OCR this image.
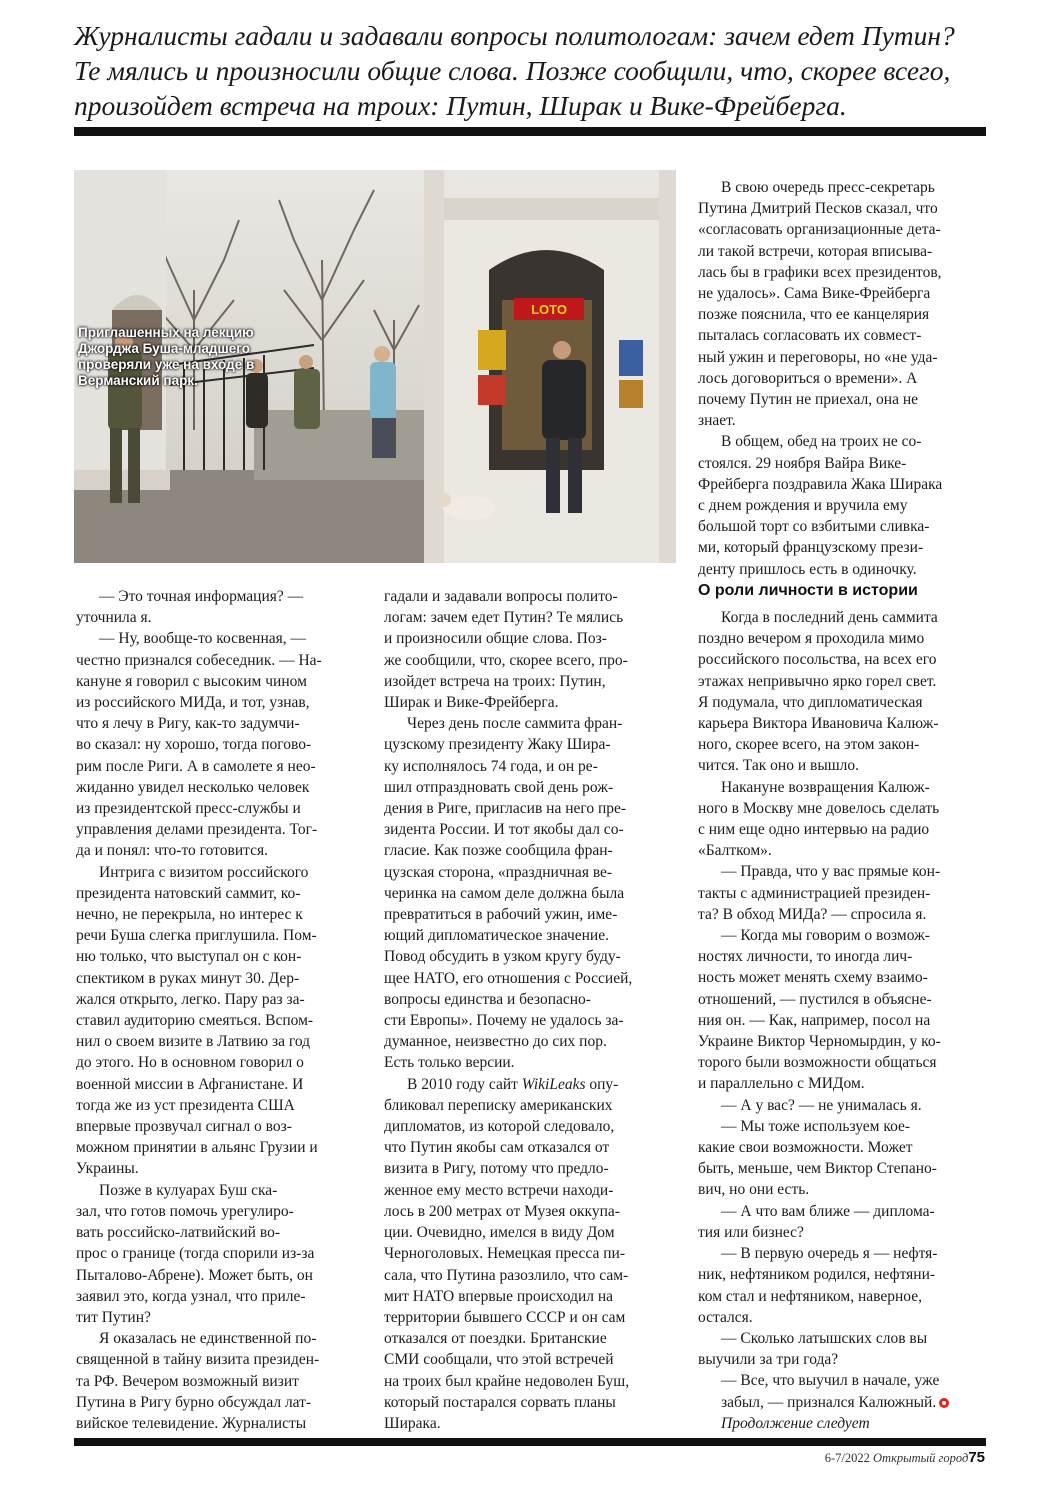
Журналисты гадали и задавали вопросы политологам: зачем едет Путин?

Те мялись и произносили общие слова. Позже сообщили, что, скорее всего,

произойдет встреча на троих: Путин, Ширак и Вике-Фрейберга.

LOTO
Приглашенных на лекцию
Джорджа Буша-младшего
проверяли уже на входе в
Верманский парк.

— Это точная информация? —

уточнила я.

— Ну, вообще-то косвенная, —

честно признался собеседник. — На-

кануне я говорил с высоким чином

из российского МИДа, и тот, узнав,

что я лечу в Ригу, как-то задумчи-

во сказал: ну хорошо, тогда погово-

рим после Риги. А в самолете я нео-

жиданно увидел несколько человек

из президентской пресс-службы и

управления делами президента. Тог-

да и понял: что-то готовится.

Интрига с визитом российского

президента натовский саммит, ко-

нечно, не перекрыла, но интерес к

речи Буша слегка приглушила. Пом-

ню только, что выступал он с кон-

спектиком в руках минут 30. Дер-

жался открыто, легко. Пару раз за-

ставил аудиторию смеяться. Вспом-

нил о своем визите в Латвию за год

до этого. Но в основном говорил о

военной миссии в Афганистане. И

тогда же из уст президента США

впервые прозвучал сигнал о воз-

можном принятии в альянс Грузии и

Украины.

Позже в кулуарах Буш ска-

зал, что готов помочь урегулиро-

вать российско-латвийский во-

прос о границе (тогда спорили из-за

Пыталово-Абрене). Может быть, он

заявил это, когда узнал, что приле-

тит Путин?

Я оказалась не единственной по-

священной в тайну визита президен-

та РФ. Вечером возможный визит

Путина в Ригу бурно обсуждал лат-

вийское телевидение. Журналисты

гадали и задавали вопросы полито-

логам: зачем едет Путин? Те мялись

и произносили общие слова. Поз-

же сообщили, что, скорее всего, про-

изойдет встреча на троих: Путин,

Ширак и Вике-Фрейберга.

Через день после саммита фран-

цузскому президенту Жаку Шира-

ку исполнялось 74 года, и он ре-

шил отпраздновать свой день рож-

дения в Риге, пригласив на него пре-

зидента России. И тот якобы дал со-

гласие. Как позже сообщила фран-

цузская сторона, «праздничная ве-

черинка на самом деле должна была

превратиться в рабочий ужин, име-

ющий дипломатическое значение.

Повод обсудить в узком кругу буду-

щее НАТО, его отношения с Россией,

вопросы единства и безопасно-

сти Европы». Почему не удалось за-

думанное, неизвестно до сих пор.

Есть только версии.

В 2010 году сайт WikiLeaks опу-

бликовал переписку американских

дипломатов, из которой следовало,

что Путин якобы сам отказался от

визита в Ригу, потому что предло-

женное ему место встречи находи-

лось в 200 метрах от Музея оккупа-

ции. Очевидно, имелся в виду Дом

Черноголовых. Немецкая пресса пи-

сала, что Путина разозлило, что сам-

мит НАТО впервые происходил на

территории бывшего СССР и он сам

отказался от поездки. Британские

СМИ сообщали, что этой встречей

на троих был крайне недоволен Буш,

который постарался сорвать планы

Ширака.

В свою очередь пресс-секретарь

Путина Дмитрий Песков сказал, что

«согласовать организационные дета-

ли такой встречи, которая вписыва-

лась бы в графики всех президентов,

не удалось». Сама Вике-Фрейберга

позже пояснила, что ее канцелярия

пыталась согласовать их совмест-

ный ужин и переговоры, но «не уда-

лось договориться о времени». А

почему Путин не приехал, она не

знает.

В общем, обед на троих не со-

стоялся. 29 ноября Вайра Вике-

Фрейберга поздравила Жака Ширака

с днем рождения и вручила ему

большой торт со взбитыми сливка-

ми, который французскому прези-

денту пришлось есть в одиночку.

О роли личности в истории

Когда в последний день саммита

поздно вечером я проходила мимо

российского посольства, на всех его

этажах непривычно ярко горел свет.

Я подумала, что дипломатическая

карьера Виктора Ивановича Калюж-

ного, скорее всего, на этом закон-

чится. Так оно и вышло.

Накануне возвращения Калюж-

ного в Москву мне довелось сделать

с ним еще одно интервью на радио

«Балтком».

— Правда, что у вас прямые кон-

такты с администрацией президен-

та? В обход МИДа? — спросила я.

— Когда мы говорим о возмож-

ностях личности, то иногда лич-

ность может менять схему взаимо-

отношений, — пустился в объясне-

ния он. — Как, например, посол на

Украине Виктор Черномырдин, у ко-

торого были возможности общаться

и параллельно с МИДом.

— А у вас? — не унималась я.

— Мы тоже используем кое-

какие свои возможности. Может

быть, меньше, чем Виктор Степано-

вич, но они есть.

— А что вам ближе — диплома-

тия или бизнес?

— В первую очередь я — нефтя-

ник, нефтяником родился, нефтяни-

ком стал и нефтяником, наверное,

остался.

— Сколько латышских слов вы

выучили за три года?

— Все, что выучил в начале, уже

забыл, — признался Калюжный.

Продолжение следует

6-7/2022 Открытый город75
